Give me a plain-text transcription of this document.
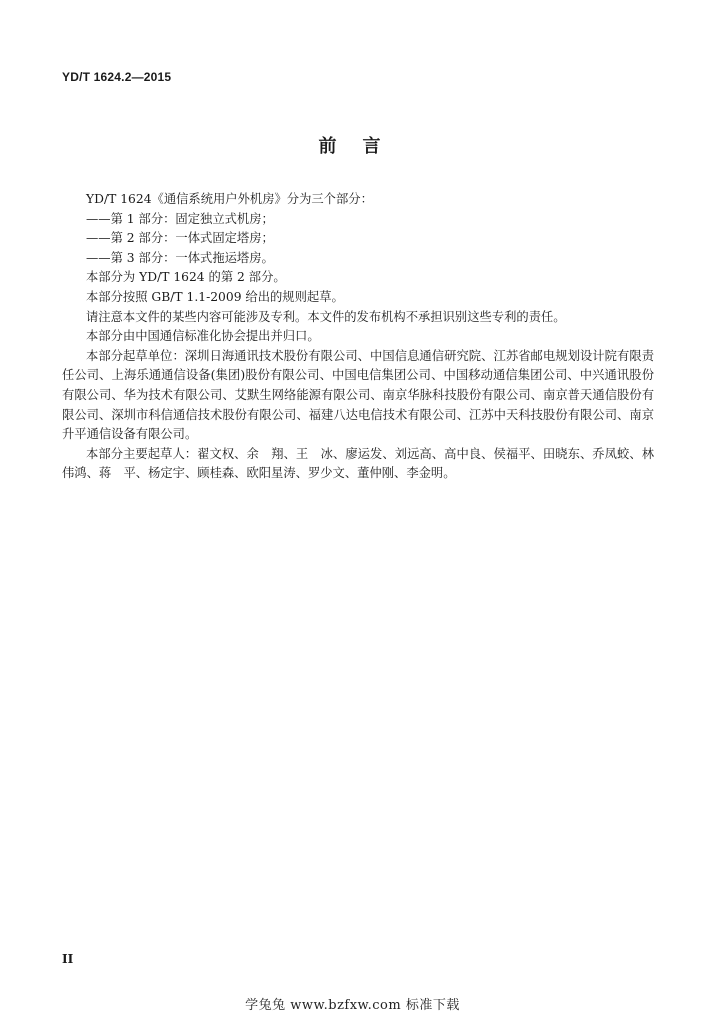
YD/T 1624.2—2015
前言

YD/T 1624《通信系统用户外机房》分为三个部分：

——第 1 部分：固定独立式机房；

——第 2 部分：一体式固定塔房；

——第 3 部分：一体式拖运塔房。

本部分为 YD/T 1624 的第 2 部分。

本部分按照 GB/T 1.1-2009 给出的规则起草。

请注意本文件的某些内容可能涉及专利。本文件的发布机构不承担识别这些专利的责任。

本部分由中国通信标准化协会提出并归口。

本部分起草单位：深圳日海通讯技术股份有限公司、中国信息通信研究院、江苏省邮电规划设计院有限责任公司、上海乐通通信设备(集团)股份有限公司、中国电信集团公司、中国移动通信集团公司、中兴通讯股份有限公司、华为技术有限公司、艾默生网络能源有限公司、南京华脉科技股份有限公司、南京普天通信股份有限公司、深圳市科信通信技术股份有限公司、福建八达电信技术有限公司、江苏中天科技股份有限公司、南京升平通信设备有限公司。

本部分主要起草人：翟文权、余　翔、王　冰、廖运发、刘远高、高中良、侯福平、田晓东、乔凤蛟、林伟鸿、蒋　平、杨定宇、顾桂森、欧阳星涛、罗少文、董仲刚、李金明。

II
学兔兔 www.bzfxw.com 标准下载
